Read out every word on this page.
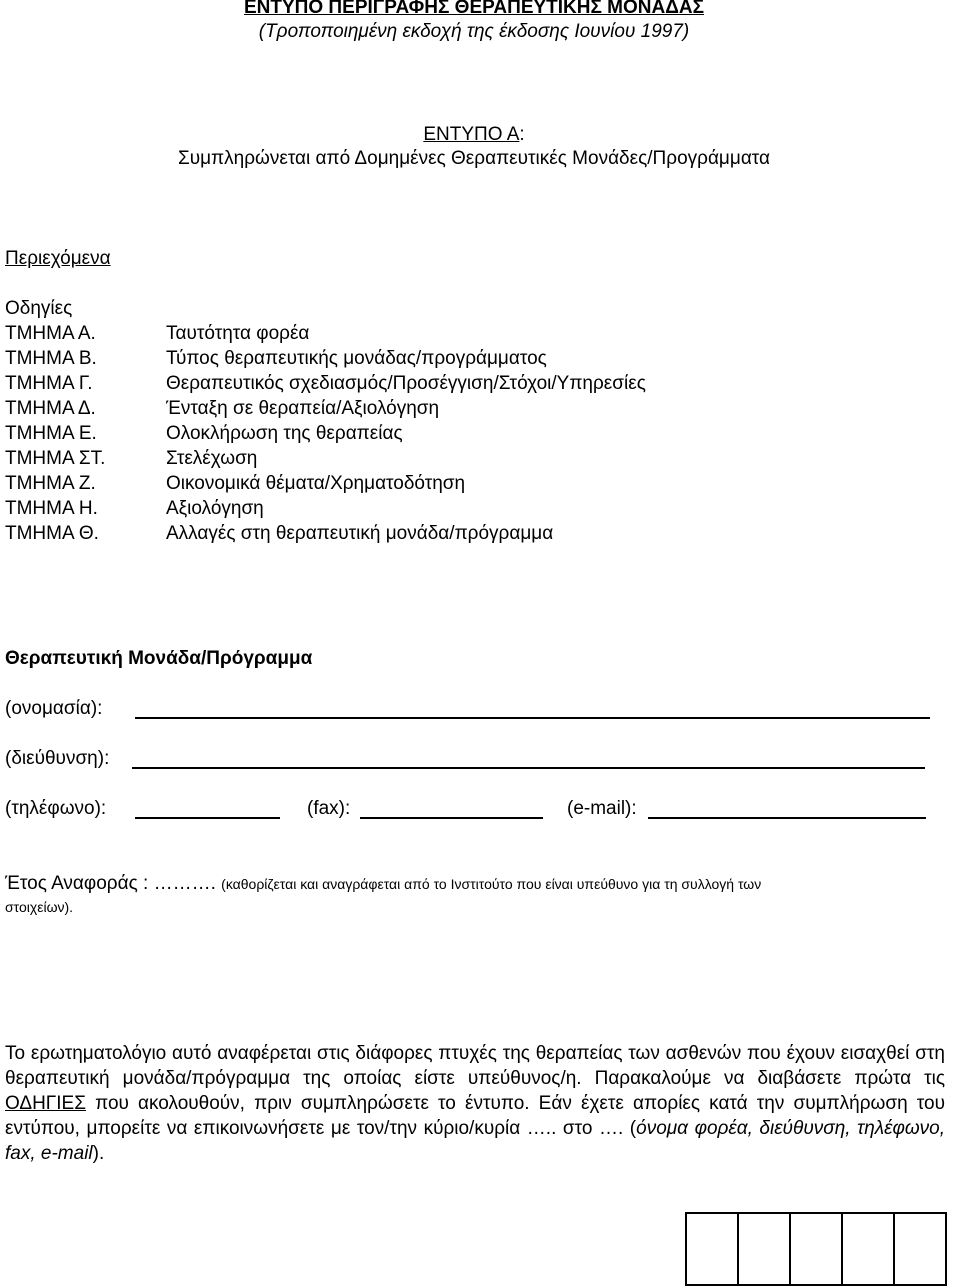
ΕΝΤΥΠΟ ΠΕΡΙΓΡΑΦΗΣ ΘΕΡΑΠΕΥΤΙΚΗΣ ΜΟΝΑΔΑΣ
(Τροποποιημένη εκδοχή της έκδοσης Ιουνίου 1997)
ΕΝΤΥΠΟ Α:
Συμπληρώνεται από Δομημένες Θεραπευτικές Μονάδες/Προγράμματα
Περιεχόμενα
Οδηγίες
ΤΜΗΜΑ Α.	Ταυτότητα φορέα
ΤΜΗΜΑ Β.	Τύπος θεραπευτικής μονάδας/προγράμματος
ΤΜΗΜΑ Γ.	Θεραπευτικός σχεδιασμός/Προσέγγιση/Στόχοι/Υπηρεσίες
ΤΜΗΜΑ Δ.	Ένταξη σε θεραπεία/Αξιολόγηση
ΤΜΗΜΑ Ε.	Ολοκλήρωση της θεραπείας
ΤΜΗΜΑ ΣΤ.	Στελέχωση
ΤΜΗΜΑ Ζ.	Οικονομικά θέματα/Χρηματοδότηση
ΤΜΗΜΑ Η.	Αξιολόγηση
ΤΜΗΜΑ Θ.	Αλλαγές στη θεραπευτική μονάδα/πρόγραμμα
Θεραπευτική Μονάδα/Πρόγραμμα
(ονομασία):
(διεύθυνση):
(τηλέφωνο):	(fax):	(e-mail):
Έτος Αναφοράς : ………. (καθορίζεται και αναγράφεται από το Ινστιτούτο που είναι υπεύθυνο για τη συλλογή των
στοιχείων).
Το ερωτηματολόγιο αυτό αναφέρεται στις διάφορες πτυχές της θεραπείας των ασθενών που έχουν εισαχθεί στη θεραπευτική μονάδα/πρόγραμμα της οποίας είστε υπεύθυνος/η. Παρακαλούμε να διαβάσετε πρώτα τις ΟΔΗΓΙΕΣ που ακολουθούν, πριν συμπληρώσετε το έντυπο. Εάν έχετε απορίες κατά την συμπλήρωση του εντύπου, μπορείτε να επικοινωνήσετε με τον/την κύριο/κυρία ….. στο …. (όνομα φορέα, διεύθυνση, τηλέφωνο, fax, e-mail).
